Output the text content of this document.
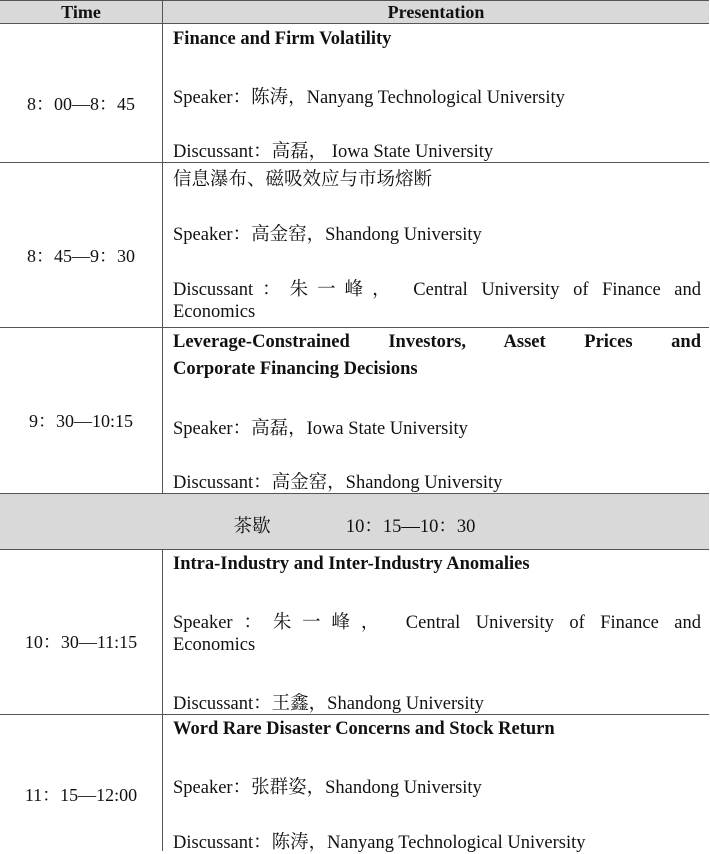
Time	Presentation
8：00—8：45
Finance and Firm Volatility
Speaker：陈涛，Nanyang Technological University
Discussant：高磊， Iowa State University
8：45—9：30
信息瀑布、磁吸效应与市场熔断
Speaker：高金窑，Shandong University
Discussant：朱一峰， Central University of Finance and
Economics
9：30—10:15
Leverage-Constrained Investors, Asset Prices and
Corporate Financing Decisions
Speaker：高磊，Iowa State University
Discussant：高金窑，Shandong University
茶歇	10：15—10：30
10：30—11:15
Intra-Industry and Inter-Industry Anomalies
Speaker：朱一峰， Central University of Finance and
Economics
Discussant：王鑫，Shandong University
11：15—12:00
Word Rare Disaster Concerns and Stock Return
Speaker：张群姿，Shandong University
Discussant：陈涛，Nanyang Technological University
